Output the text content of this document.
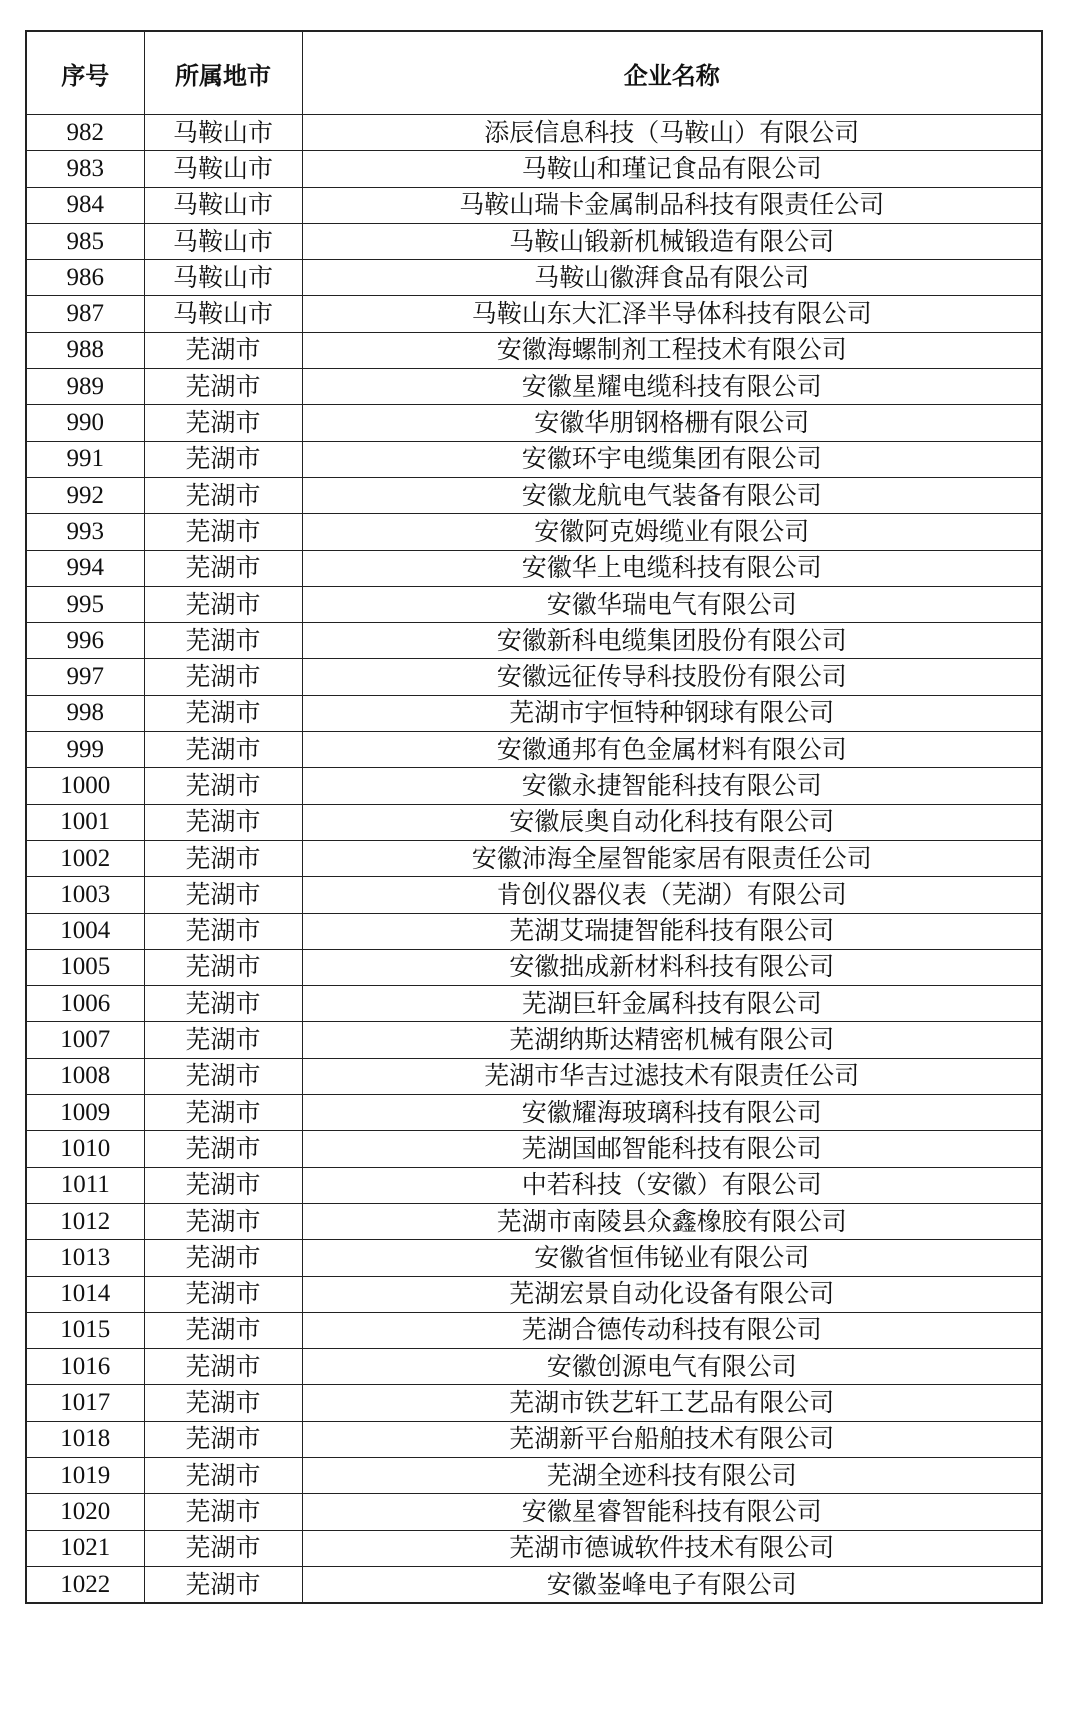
序号	所属地市	企业名称
982	马鞍山市	添辰信息科技（马鞍山）有限公司
983	马鞍山市	马鞍山和瑾记食品有限公司
984	马鞍山市	马鞍山瑞卡金属制品科技有限责任公司
985	马鞍山市	马鞍山锻新机械锻造有限公司
986	马鞍山市	马鞍山徽湃食品有限公司
987	马鞍山市	马鞍山东大汇泽半导体科技有限公司
988	芜湖市	安徽海螺制剂工程技术有限公司
989	芜湖市	安徽星耀电缆科技有限公司
990	芜湖市	安徽华朋钢格栅有限公司
991	芜湖市	安徽环宇电缆集团有限公司
992	芜湖市	安徽龙航电气装备有限公司
993	芜湖市	安徽阿克姆缆业有限公司
994	芜湖市	安徽华上电缆科技有限公司
995	芜湖市	安徽华瑞电气有限公司
996	芜湖市	安徽新科电缆集团股份有限公司
997	芜湖市	安徽远征传导科技股份有限公司
998	芜湖市	芜湖市宇恒特种钢球有限公司
999	芜湖市	安徽通邦有色金属材料有限公司
1000	芜湖市	安徽永捷智能科技有限公司
1001	芜湖市	安徽辰奥自动化科技有限公司
1002	芜湖市	安徽沛海全屋智能家居有限责任公司
1003	芜湖市	肯创仪器仪表（芜湖）有限公司
1004	芜湖市	芜湖艾瑞捷智能科技有限公司
1005	芜湖市	安徽拙成新材料科技有限公司
1006	芜湖市	芜湖巨轩金属科技有限公司
1007	芜湖市	芜湖纳斯达精密机械有限公司
1008	芜湖市	芜湖市华吉过滤技术有限责任公司
1009	芜湖市	安徽耀海玻璃科技有限公司
1010	芜湖市	芜湖国邮智能科技有限公司
1011	芜湖市	中若科技（安徽）有限公司
1012	芜湖市	芜湖市南陵县众鑫橡胶有限公司
1013	芜湖市	安徽省恒伟铋业有限公司
1014	芜湖市	芜湖宏景自动化设备有限公司
1015	芜湖市	芜湖合德传动科技有限公司
1016	芜湖市	安徽创源电气有限公司
1017	芜湖市	芜湖市铁艺轩工艺品有限公司
1018	芜湖市	芜湖新平台船舶技术有限公司
1019	芜湖市	芜湖全迹科技有限公司
1020	芜湖市	安徽星睿智能科技有限公司
1021	芜湖市	芜湖市德诚软件技术有限公司
1022	芜湖市	安徽崟峰电子有限公司
